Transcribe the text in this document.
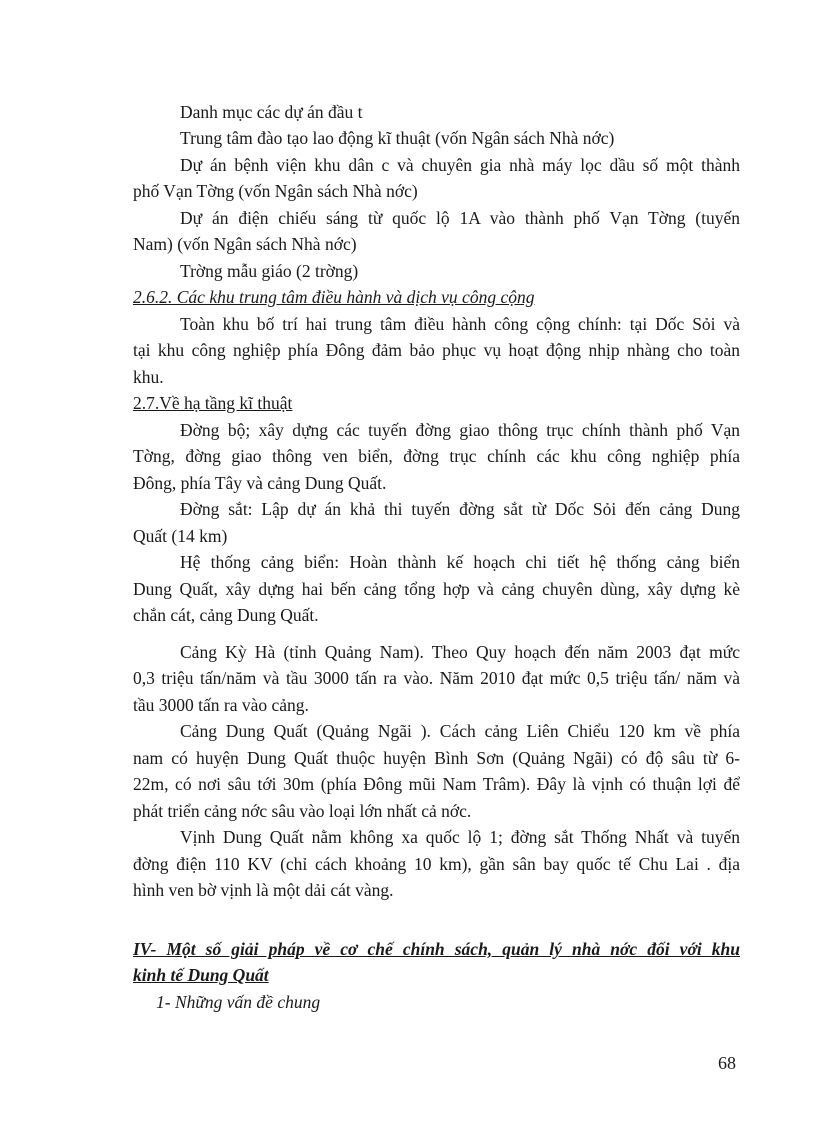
Danh mục các dự án đầu t
Trung tâm đào tạo lao động kĩ thuật (vốn Ngân sách Nhà nớc)
Dự án bệnh viện khu dân c và chuyên gia nhà máy lọc dầu số một thành
phố Vạn Tờng (vốn Ngân sách Nhà nớc)
Dự án điện chiếu sáng từ quốc lộ 1A vào thành phố Vạn Tờng (tuyến
Nam) (vốn Ngân sách Nhà nớc)
Trờng mẫu giáo (2 trờng)
2.6.2. Các khu trung tâm điều hành và dịch vụ công cộng
Toàn khu bố trí hai trung tâm điều hành công cộng chính: tại Dốc Sỏi và
tại khu công nghiệp phía Đông đảm bảo phục vụ hoạt động nhịp nhàng cho toàn
khu.
2.7.Về hạ tầng kĩ thuật
Đờng bộ; xây dựng các tuyến đờng giao thông trục chính thành phố Vạn
Tờng, đờng giao thông ven biển, đờng trục chính các khu công nghiệp phía
Đông, phía Tây và cảng Dung Quất.
Đờng sắt: Lập dự án khả thi tuyến đờng sắt từ Dốc Sỏi đến cảng Dung
Quất (14 km)
Hệ thống cảng biển: Hoàn thành kế hoạch chi tiết hệ thống cảng biển
Dung Quất, xây dựng hai bến cảng tổng hợp và cảng chuyên dùng, xây dựng kè
chắn cát, cảng Dung Quất.
Cảng Kỳ Hà (tỉnh Quảng Nam). Theo Quy hoạch đến năm 2003 đạt mức
0,3 triệu tấn/năm và tầu 3000 tấn ra vào. Năm 2010 đạt mức 0,5 triệu tấn/ năm và
tầu 3000 tấn ra vào cảng.
Cảng Dung Quất (Quảng Ngãi ). Cách cảng Liên Chiểu 120 km về phía
nam có huyện Dung Quất thuộc huyện Bình Sơn (Quảng Ngãi) có độ sâu từ 6-
22m, có nơi sâu tới 30m (phía Đông mũi Nam Trâm). Đây là vịnh có thuận lợi để
phát triển cảng nớc sâu vào loại lớn nhất cả nớc.
Vịnh Dung Quất nằm không xa quốc lộ 1; đờng sắt Thống Nhất và tuyến
đờng điện 110 KV (chỉ cách khoảng 10 km), gần sân bay quốc tế Chu Lai . địa
hình ven bờ vịnh là một dải cát vàng.
IV- Một số giải pháp về cơ chế chính sách, quản lý nhà nớc đối với khu
kinh tế Dung Quất
1- Những vấn đề chung
68
